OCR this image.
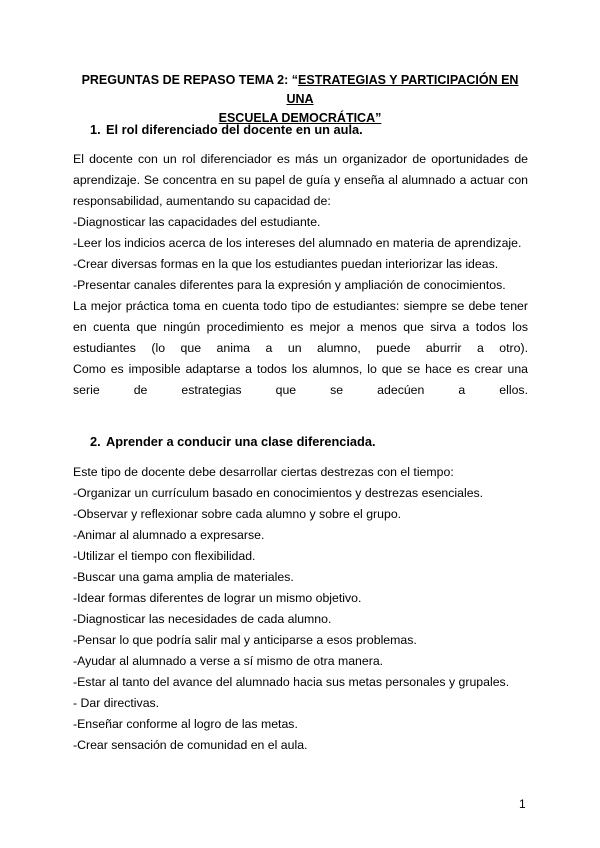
PREGUNTAS DE REPASO TEMA 2: “ESTRATEGIAS Y PARTICIPACIÓN EN UNA
ESCUELA DEMOCRÁTICA”
1. El rol diferenciado del docente en un aula.
El docente con un rol diferenciador es más un organizador de oportunidades de
aprendizaje. Se concentra en su papel de guía y enseña al alumnado a actuar con
responsabilidad, aumentando su capacidad de:
-Diagnosticar las capacidades del estudiante.
-Leer los indicios acerca de los intereses del alumnado en materia de aprendizaje.
-Crear diversas formas en la que los estudiantes puedan interiorizar las ideas.
-Presentar canales diferentes para la expresión y ampliación de conocimientos.
La mejor práctica toma en cuenta todo tipo de estudiantes: siempre se debe tener
en cuenta que ningún procedimiento es mejor a menos que sirva a todos los
estudiantes (lo que anima a un alumno, puede aburrir a otro).
Como es imposible adaptarse a todos los alumnos, lo que se hace es crear una
serie de estrategias que se adecúen a ellos.
2. Aprender a conducir una clase diferenciada.
Este tipo de docente debe desarrollar ciertas destrezas con el tiempo:
-Organizar un currículum basado en conocimientos y destrezas esenciales.
-Observar y reflexionar sobre cada alumno y sobre el grupo.
-Animar al alumnado a expresarse.
-Utilizar el tiempo con flexibilidad.
-Buscar una gama amplia de materiales.
-Idear formas diferentes de lograr un mismo objetivo.
-Diagnosticar las necesidades de cada alumno.
-Pensar lo que podría salir mal y anticiparse a esos problemas.
-Ayudar al alumnado a verse a sí mismo de otra manera.
-Estar al tanto del avance del alumnado hacia sus metas personales y grupales.
- Dar directivas.
-Enseñar conforme al logro de las metas.
-Crear sensación de comunidad en el aula.
1
